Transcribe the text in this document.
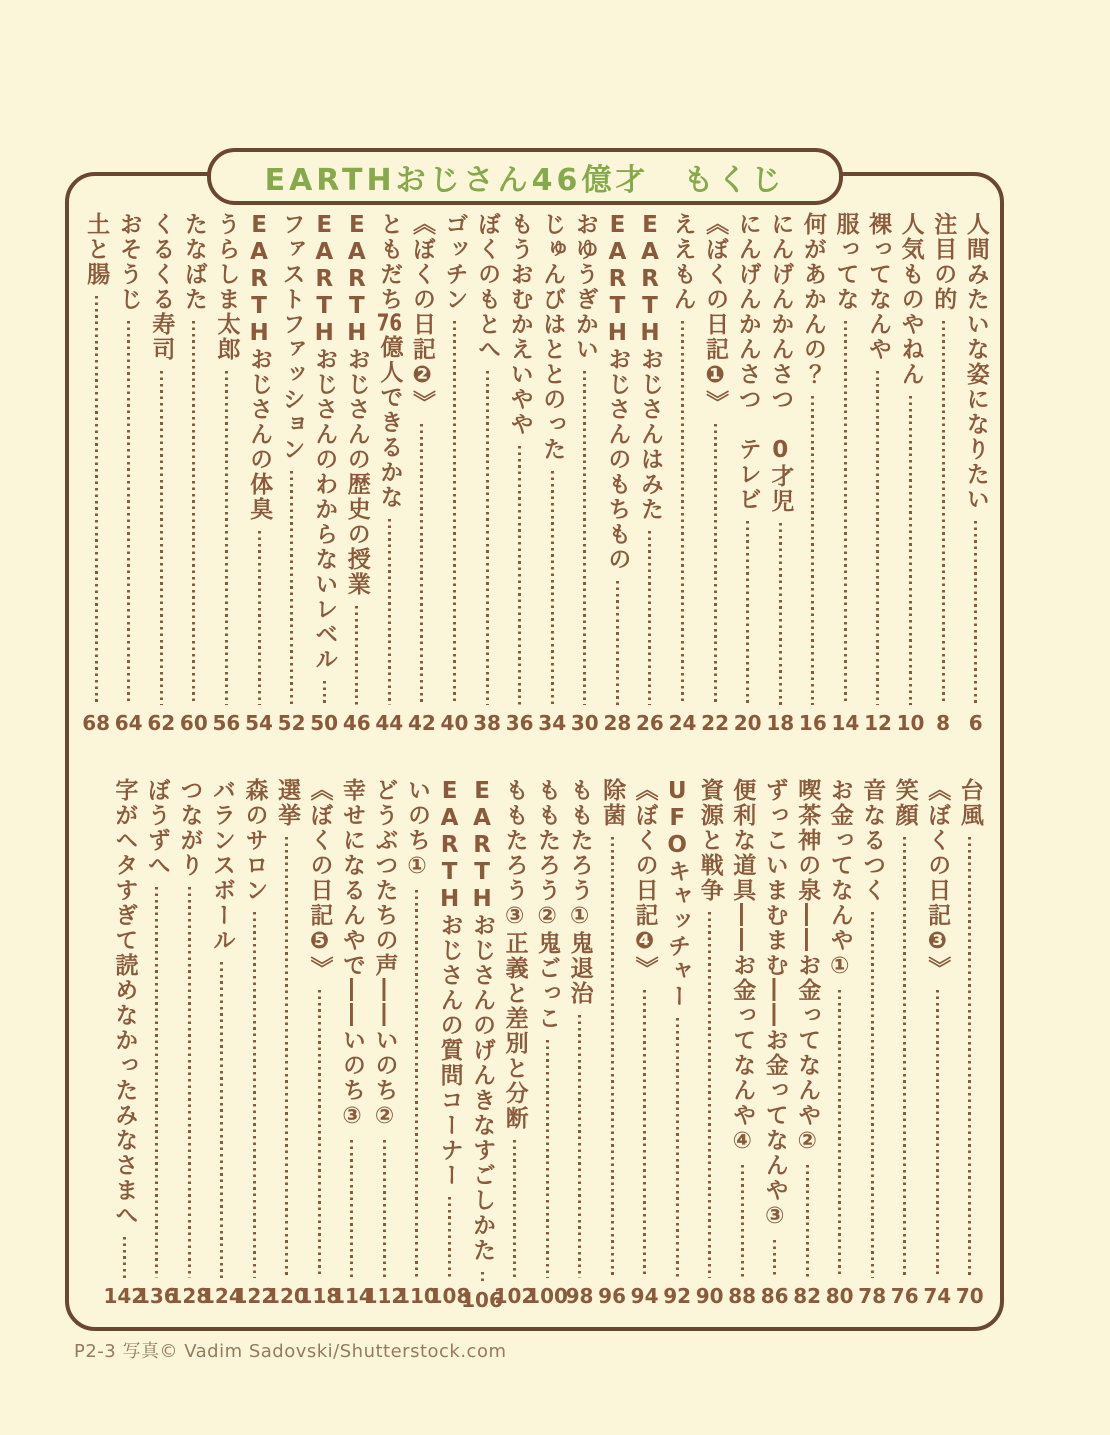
EARTHおじさん46億才　もくじ
人間みたいな姿になりたい
6
注目の的
8
人気ものやねん
10
裸ってなんや
12
服ってな
14
何があかんの？
16
にんげんかんさつ　0才児
18
にんげんかんさつ　テレビ
20
《ぼくの日記❶》
22
ええもん
24
EARTHおじさんはみた
26
EARTHおじさんのもちもの
28
おゆうぎかい
30
じゅんびはととのった
34
もうおむかえいやや
36
ぼくのもとへ
38
ゴッチン
40
《ぼくの日記❷》
42
ともだち76億人できるかな
44
EARTHおじさんの歴史の授業
46
EARTHおじさんのわからないレベル
50
ファストファッション
52
EARTHおじさんの体臭
54
うらしま太郎
56
たなばた
60
くるくる寿司
62
おそうじ
64
土と腸
68
台風
70
《ぼくの日記❸》
74
笑顔
76
音なるつく
78
お金ってなんや①
80
喫茶神の泉――お金ってなんや②
82
ずっこいまむまむ――お金ってなんや③
86
便利な道具――お金ってなんや④
88
資源と戦争
90
UFOキャッチャー
92
《ぼくの日記❹》
94
除菌
96
ももたろう①鬼退治
98
ももたろう②鬼ごっこ
100
ももたろう③正義と差別と分断
102
EARTHおじさんのげんきなすごしかた
106
EARTHおじさんの質問コーナー
108
いのち①
110
どうぶつたちの声――いのち②
112
幸せになるんやで――いのち③
114
《ぼくの日記❺》
118
選挙
120
森のサロン
122
バランスボール
124
つながり
128
ぼうずへ
136
字がヘタすぎて読めなかったみなさまへ
142
P2-3 写真© Vadim Sadovski/Shutterstock.com
